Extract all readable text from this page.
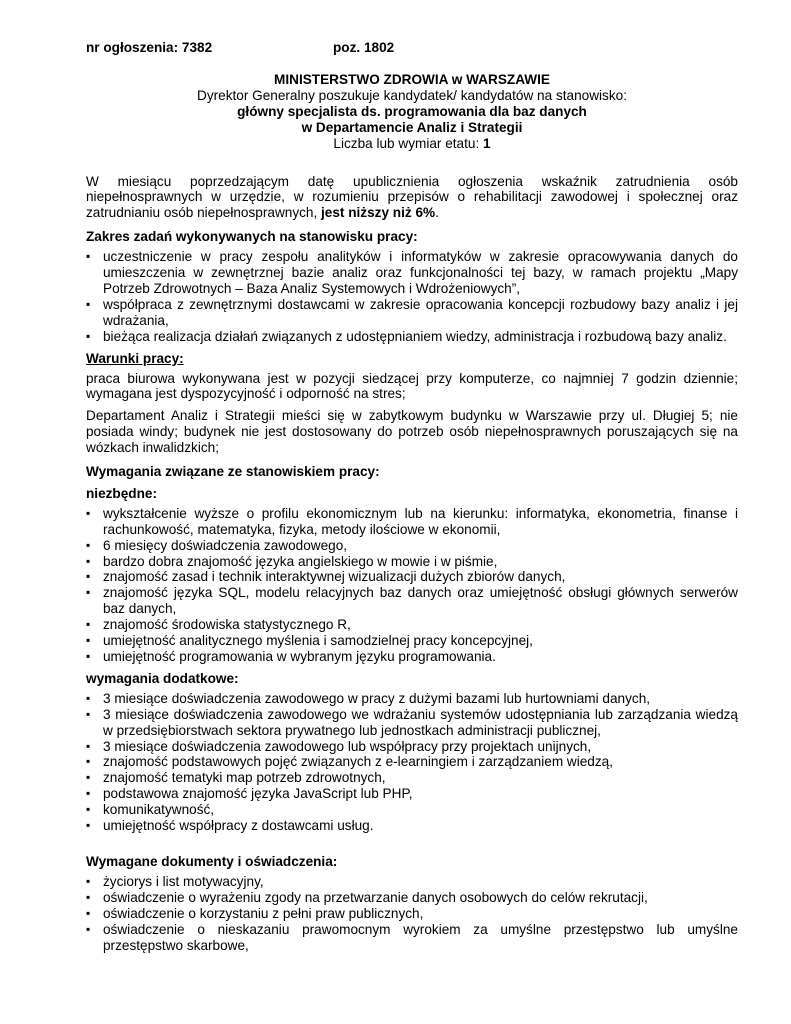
nr ogłoszenia: 7382	poz. 1802
MINISTERSTWO ZDROWIA w WARSZAWIE
Dyrektor Generalny poszukuje kandydatek/ kandydatów na stanowisko:
główny specjalista ds. programowania dla baz danych
w Departamencie Analiz i Strategii
Liczba lub wymiar etatu: 1

W miesiącu poprzedzającym datę upublicznienia ogłoszenia wskaźnik zatrudnienia osób niepełnosprawnych w urzędzie, w rozumieniu przepisów o rehabilitacji zawodowej i społecznej oraz zatrudnianiu osób niepełnosprawnych, jest niższy niż 6%.

Zakres zadań wykonywanych na stanowisku pracy:
▪ uczestniczenie w pracy zespołu analityków i informatyków w zakresie opracowywania danych do umieszczenia w zewnętrznej bazie analiz oraz funkcjonalności tej bazy, w ramach projektu „Mapy Potrzeb Zdrowotnych – Baza Analiz Systemowych i Wdrożeniowych”,
▪ współpraca z zewnętrznymi dostawcami w zakresie opracowania koncepcji rozbudowy bazy analiz i jej wdrażania,
▪ bieżąca realizacja działań związanych z udostępnianiem wiedzy, administracja i rozbudową bazy analiz.
Warunki pracy:

praca biurowa wykonywana jest w pozycji siedzącej przy komputerze, co najmniej 7 godzin dziennie; wymagana jest dyspozycyjność i odporność na stres;

Departament Analiz i Strategii mieści się w zabytkowym budynku w Warszawie przy ul. Długiej 5; nie posiada windy; budynek nie jest dostosowany do potrzeb osób niepełnosprawnych poruszających się na wózkach inwalidzkich;

Wymagania związane ze stanowiskiem pracy:
niezbędne:
▪ wykształcenie wyższe o profilu ekonomicznym lub na kierunku: informatyka, ekonometria, finanse i rachunkowość, matematyka, fizyka, metody ilościowe w ekonomii,
▪ 6 miesięcy doświadczenia zawodowego,
▪ bardzo dobra znajomość języka angielskiego w mowie i w piśmie,
▪ znajomość zasad i technik interaktywnej wizualizacji dużych zbiorów danych,
▪ znajomość języka SQL, modelu relacyjnych baz danych oraz umiejętność obsługi głównych serwerów baz danych,
▪ znajomość środowiska statystycznego R,
▪ umiejętność analitycznego myślenia i samodzielnej pracy koncepcyjnej,
▪ umiejętność programowania w wybranym języku programowania.
wymagania dodatkowe:
▪ 3 miesiące doświadczenia zawodowego w pracy z dużymi bazami lub hurtowniami danych,
▪ 3 miesiące doświadczenia zawodowego we wdrażaniu systemów udostępniania lub zarządzania wiedzą w przedsiębiorstwach sektora prywatnego lub jednostkach administracji publicznej,
▪ 3 miesiące doświadczenia zawodowego lub współpracy przy projektach unijnych,
▪ znajomość podstawowych pojęć związanych z e-learningiem i zarządzaniem wiedzą,
▪ znajomość tematyki map potrzeb zdrowotnych,
▪ podstawowa znajomość języka JavaScript lub PHP,
▪ komunikatywność,
▪ umiejętność współpracy z dostawcami usług.
Wymagane dokumenty i oświadczenia:
▪ życiorys i list motywacyjny,
▪ oświadczenie o wyrażeniu zgody na przetwarzanie danych osobowych do celów rekrutacji,
▪ oświadczenie o korzystaniu z pełni praw publicznych,
▪ oświadczenie o nieskazaniu prawomocnym wyrokiem za umyślne przestępstwo lub umyślne przestępstwo skarbowe,
